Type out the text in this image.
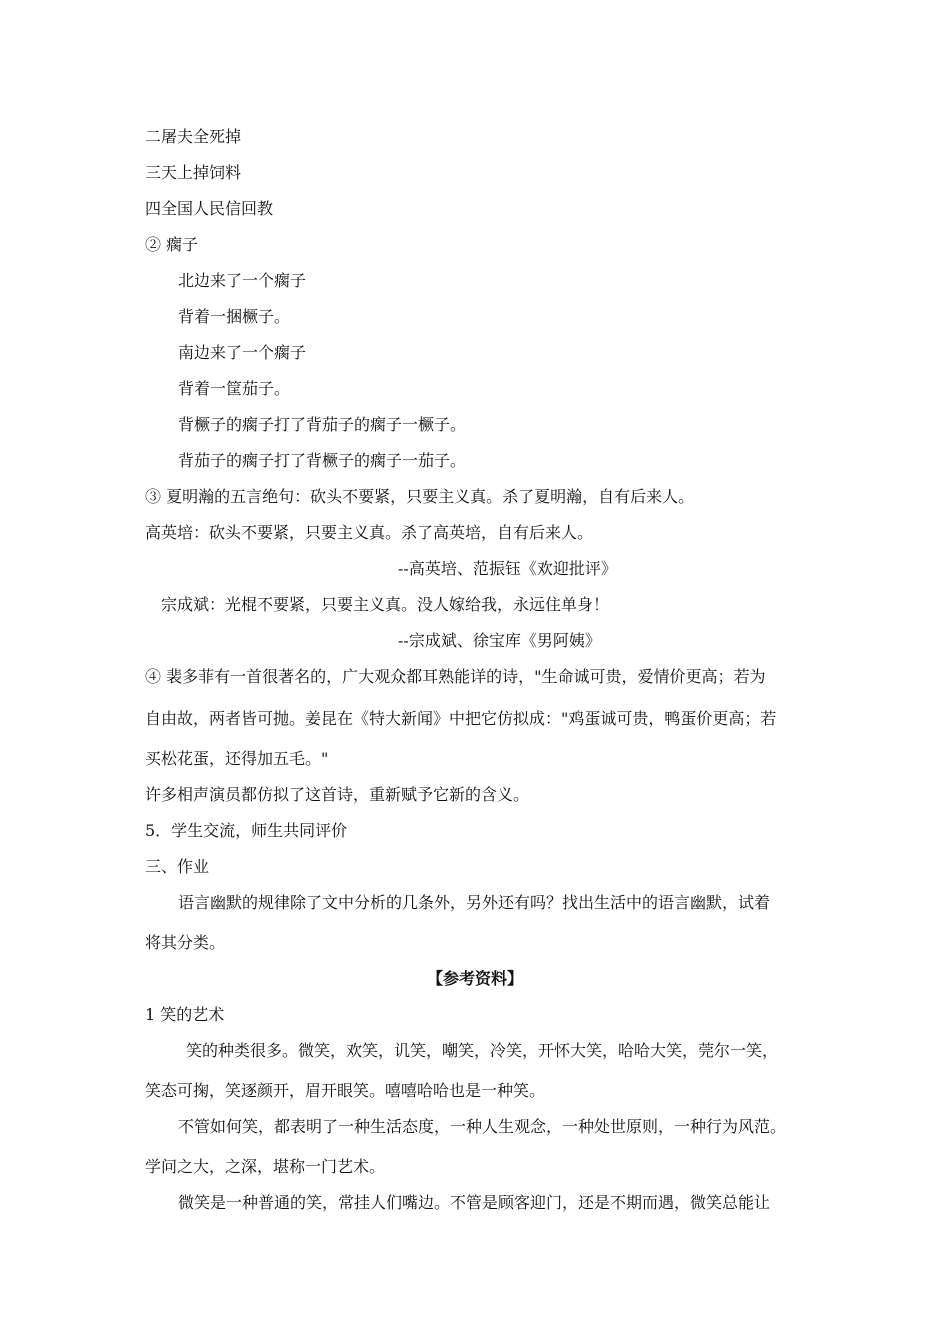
二屠夫全死掉
三天上掉饲料
四全国人民信回教
② 瘸子
北边来了一个瘸子
背着一捆橛子。
南边来了一个瘸子
背着一筐茄子。
背橛子的瘸子打了背茄子的瘸子一橛子。
背茄子的瘸子打了背橛子的瘸子一茄子。
③ 夏明瀚的五言绝句：砍头不要紧，只要主义真。杀了夏明瀚，自有后来人。
高英培：砍头不要紧，只要主义真。杀了高英培，自有后来人。
--高英培、范振钰《欢迎批评》
宗成斌：光棍不要紧，只要主义真。没人嫁给我，永远住单身！
--宗成斌、徐宝库《男阿姨》
④ 裴多菲有一首很著名的，广大观众都耳熟能详的诗，"生命诚可贵，爱情价更高；若为
自由故，两者皆可抛。姜昆在《特大新闻》中把它仿拟成："鸡蛋诚可贵，鸭蛋价更高；若
买松花蛋，还得加五毛。"
许多相声演员都仿拟了这首诗，重新赋予它新的含义。
5．学生交流，师生共同评价
三、作业
语言幽默的规律除了文中分析的几条外，另外还有吗？找出生活中的语言幽默，试着
将其分类。
【参考资料】
1 笑的艺术
笑的种类很多。微笑，欢笑，讥笑，嘲笑，冷笑，开怀大笑，哈哈大笑，莞尔一笑，
笑态可掬，笑逐颜开，眉开眼笑。嘻嘻哈哈也是一种笑。
不管如何笑，都表明了一种生活态度，一种人生观念，一种处世原则，一种行为风范。
学问之大，之深，堪称一门艺术。
微笑是一种普通的笑，常挂人们嘴边。不管是顾客迎门，还是不期而遇，微笑总能让
